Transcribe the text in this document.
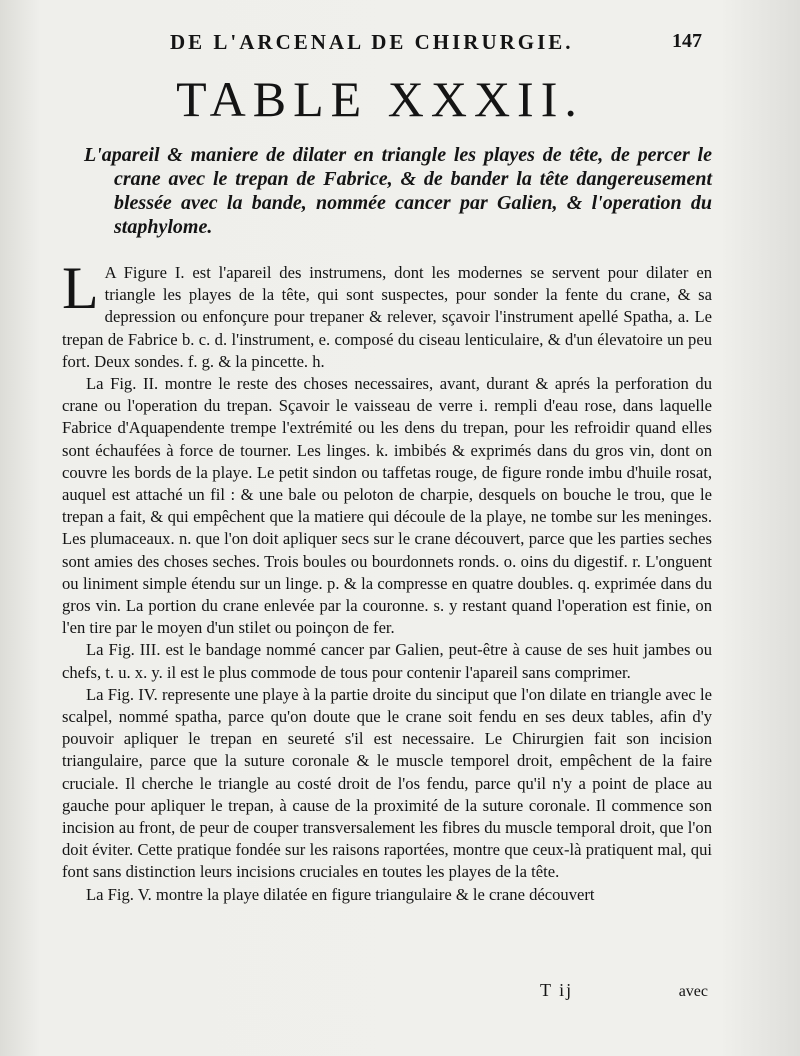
DE L'ARCENAL DE CHIRURGIE.	147
TABLE XXXII.
L'apareil & maniere de dilater en triangle les playes de tête, de percer le crane avec le trepan de Fabrice, & de bander la tête dangereusement blessée avec la bande, nommée cancer par Galien, & l'operation du staphylome.

L A Figure I. est l'apareil des instrumens, dont les modernes se servent pour dilater en triangle les playes de la tête, qui sont suspectes, pour sonder la fente du crane, & sa depression ou enfonçure pour trepaner & relever, sçavoir l'instrument apellé Spatha, a. Le trepan de Fabrice b. c. d. l'instrument, e. composé du ciseau lenticulaire, & d'un élevatoire un peu fort. Deux sondes. f. g. & la pincette. h.

La Fig. II. montre le reste des choses necessaires, avant, durant & aprés la perforation du crane ou l'operation du trepan. Sçavoir le vaisseau de verre i. rempli d'eau rose, dans laquelle Fabrice d'Aquapendente trempe l'extrémité ou les dens du trepan, pour les refroidir quand elles sont échaufées à force de tourner. Les linges. k. imbibés & exprimés dans du gros vin, dont on couvre les bords de la playe. Le petit sindon ou taffetas rouge, de figure ronde imbu d'huile rosat, auquel est attaché un fil : & une bale ou peloton de charpie, desquels on bouche le trou, que le trepan a fait, & qui empêchent que la matiere qui découle de la playe, ne tombe sur les meninges. Les plumaceaux. n. que l'on doit apliquer secs sur le crane découvert, parce que les parties seches sont amies des choses seches. Trois boules ou bourdonnets ronds. o. oins du digestif. r. L'onguent ou liniment simple étendu sur un linge. p. & la compresse en quatre doubles. q. exprimée dans du gros vin. La portion du crane enlevée par la couronne. s. y restant quand l'operation est finie, on l'en tire par le moyen d'un stilet ou poinçon de fer.

La Fig. III. est le bandage nommé cancer par Galien, peut-être à cause de ses huit jambes ou chefs, t. u. x. y. il est le plus commode de tous pour contenir l'apareil sans comprimer.

La Fig. IV. represente une playe à la partie droite du sinciput que l'on dilate en triangle avec le scalpel, nommé spatha, parce qu'on doute que le crane soit fendu en ses deux tables, afin d'y pouvoir apliquer le trepan en seureté s'il est necessaire. Le Chirurgien fait son incision triangulaire, parce que la suture coronale & le muscle temporel droit, empêchent de la faire cruciale. Il cherche le triangle au costé droit de l'os fendu, parce qu'il n'y a point de place au gauche pour apliquer le trepan, à cause de la proximité de la suture coronale. Il commence son incision au front, de peur de couper transversalement les fibres du muscle temporal droit, que l'on doit éviter. Cette pratique fondée sur les raisons raportées, montre que ceux-là pratiquent mal, qui font sans distinction leurs incisions cruciales en toutes les playes de la tête.

La Fig. V. montre la playe dilatée en figure triangulaire & le crane découvert

T ij	avec
